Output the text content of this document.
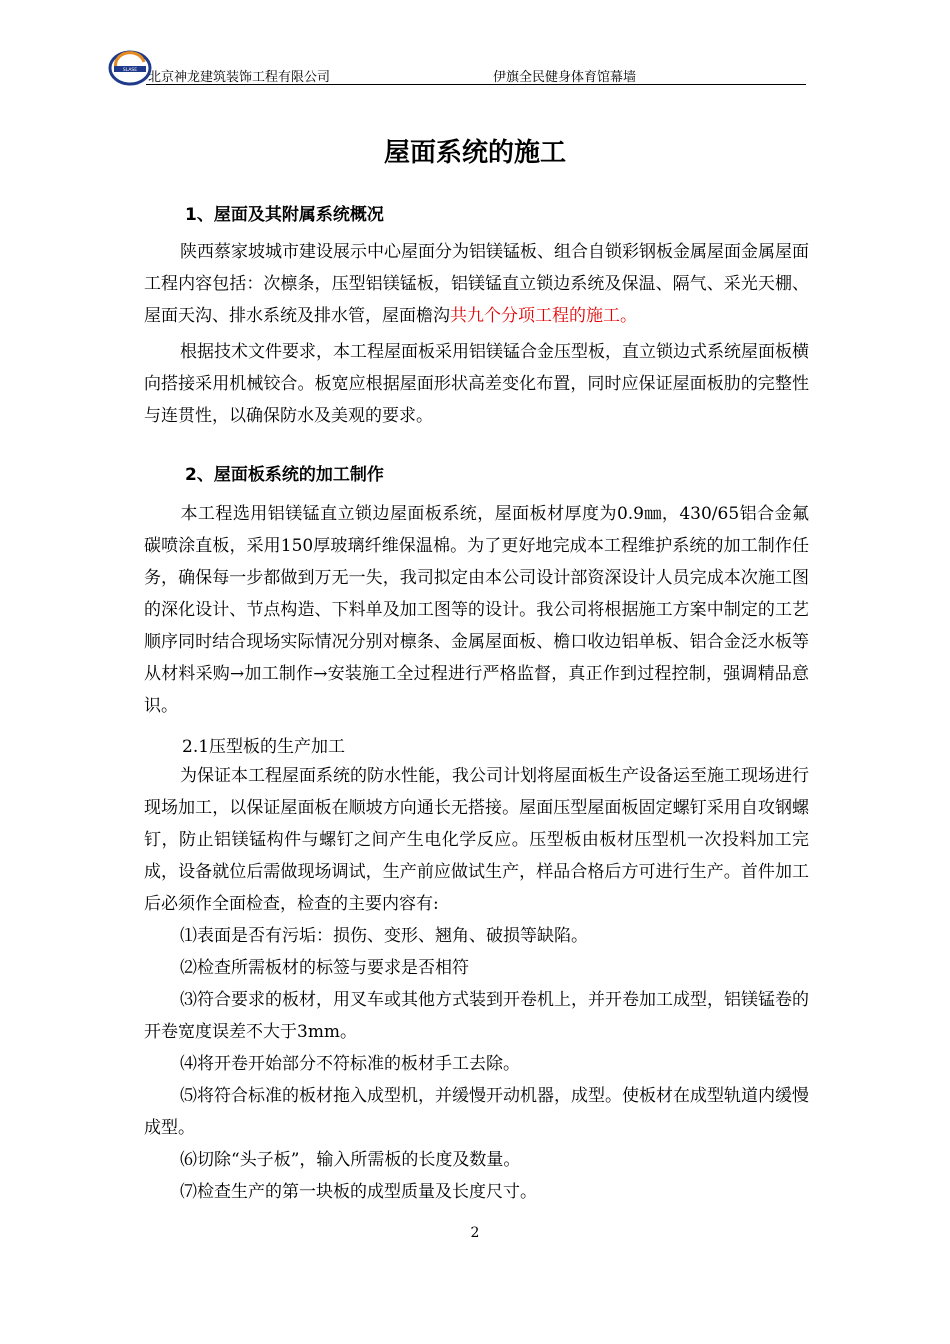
SLASE 北京神龙建筑装饰工程有限公司	伊旗全民健身体育馆幕墙
屋面系统的施工
1、屋面及其附属系统概况

陕西蔡家坡城市建设展示中心屋面分为铝镁锰板、组合自锁彩钢板金属屋面金属屋面工程内容包括：次檩条，压型铝镁锰板，铝镁锰直立锁边系统及保温、隔气、采光天棚、屋面天沟、排水系统及排水管，屋面檐沟共九个分项工程的施工。

根据技术文件要求，本工程屋面板采用铝镁锰合金压型板，直立锁边式系统屋面板横向搭接采用机械铰合。板宽应根据屋面形状高差变化布置，同时应保证屋面板肋的完整性与连贯性，以确保防水及美观的要求。

2、屋面板系统的加工制作

本工程选用铝镁锰直立锁边屋面板系统，屋面板材厚度为0.9㎜，430/65铝合金氟碳喷涂直板，采用150厚玻璃纤维保温棉。为了更好地完成本工程维护系统的加工制作任务，确保每一步都做到万无一失，我司拟定由本公司设计部资深设计人员完成本次施工图的深化设计、节点构造、下料单及加工图等的设计。我公司将根据施工方案中制定的工艺顺序同时结合现场实际情况分别对檩条、金属屋面板、檐口收边铝单板、铝合金泛水板等从材料采购→加工制作→安装施工全过程进行严格监督，真正作到过程控制，强调精品意识。

2.1压型板的生产加工

为保证本工程屋面系统的防水性能，我公司计划将屋面板生产设备运至施工现场进行现场加工，以保证屋面板在顺坡方向通长无搭接。屋面压型屋面板固定螺钉采用自攻钢螺钉，防止铝镁锰构件与螺钉之间产生电化学反应。压型板由板材压型机一次投料加工完成，设备就位后需做现场调试，生产前应做试生产，样品合格后方可进行生产。首件加工后必须作全面检查，检查的主要内容有:

⑴表面是否有污垢：损伤、变形、翘角、破损等缺陷。

⑵检查所需板材的标签与要求是否相符

⑶符合要求的板材，用叉车或其他方式装到开卷机上，并开卷加工成型，铝镁锰卷的开卷宽度误差不大于3mm。

⑷将开卷开始部分不符标准的板材手工去除。

⑸将符合标准的板材拖入成型机，并缓慢开动机器，成型。使板材在成型轨道内缓慢成型。

⑹切除“头子板”，输入所需板的长度及数量。

⑺检查生产的第一块板的成型质量及长度尺寸。

2
